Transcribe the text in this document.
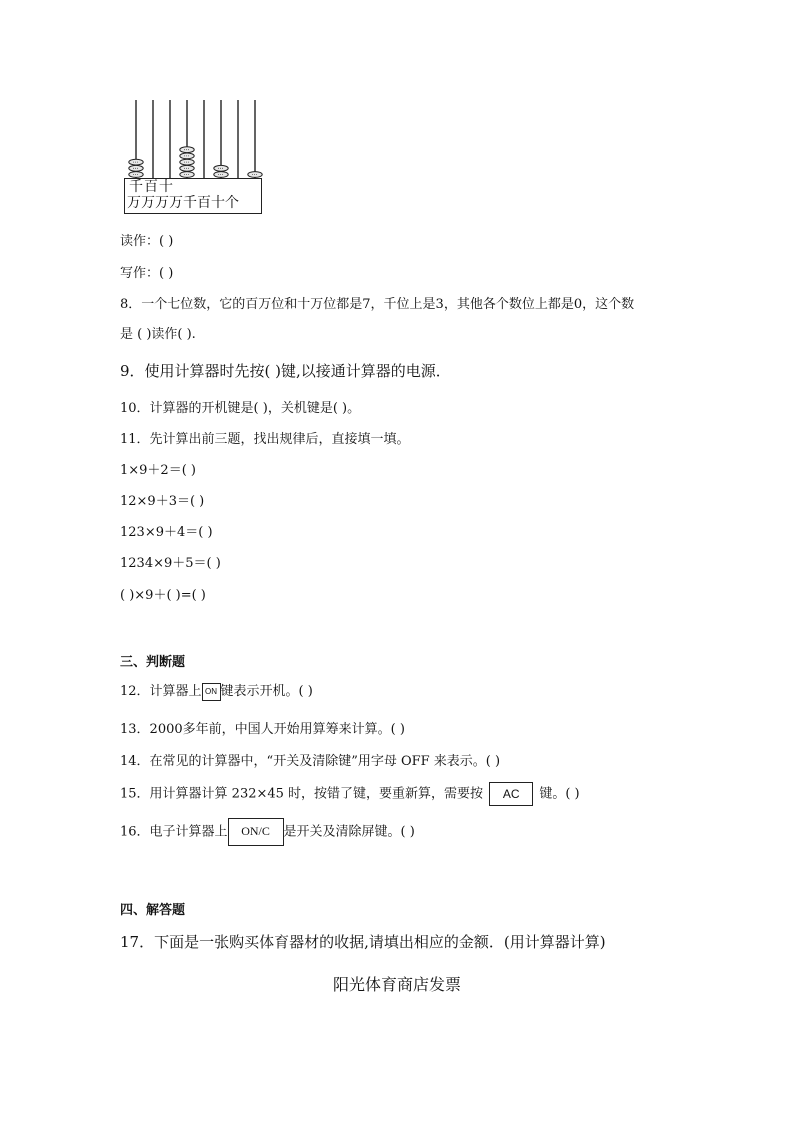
千百十
万万万万千百十个
读作：( )
写作：( )
8．一个七位数，它的百万位和十万位都是7，千位上是3，其他各个数位上都是0，这个数
是 ( )读作( ).
9．使用计算器时先按( )键,以接通计算器的电源．
10．计算器的开机键是( )，关机键是( )。
11．先计算出前三题，找出规律后，直接填一填。
1×9＋2＝( )
12×9＋3＝( )
123×9＋4＝( )
1234×9＋5＝( )
( )×9＋( )=( )
三、判断题
12．计算器上 ON 键表示开机。( )
13．2000多年前，中国人开始用算筹来计算。( )
14．在常见的计算器中，“开关及清除键”用字母 OFF 来表示。( )
15．用计算器计算 232×45 时，按错了键，要重新算，需要按 AC 键。( )
16．电子计算器上 ON/C 是开关及清除屏键。( )
四、解答题
17．下面是一张购买体育器材的收据,请填出相应的金额．(用计算器计算)
阳光体育商店发票
